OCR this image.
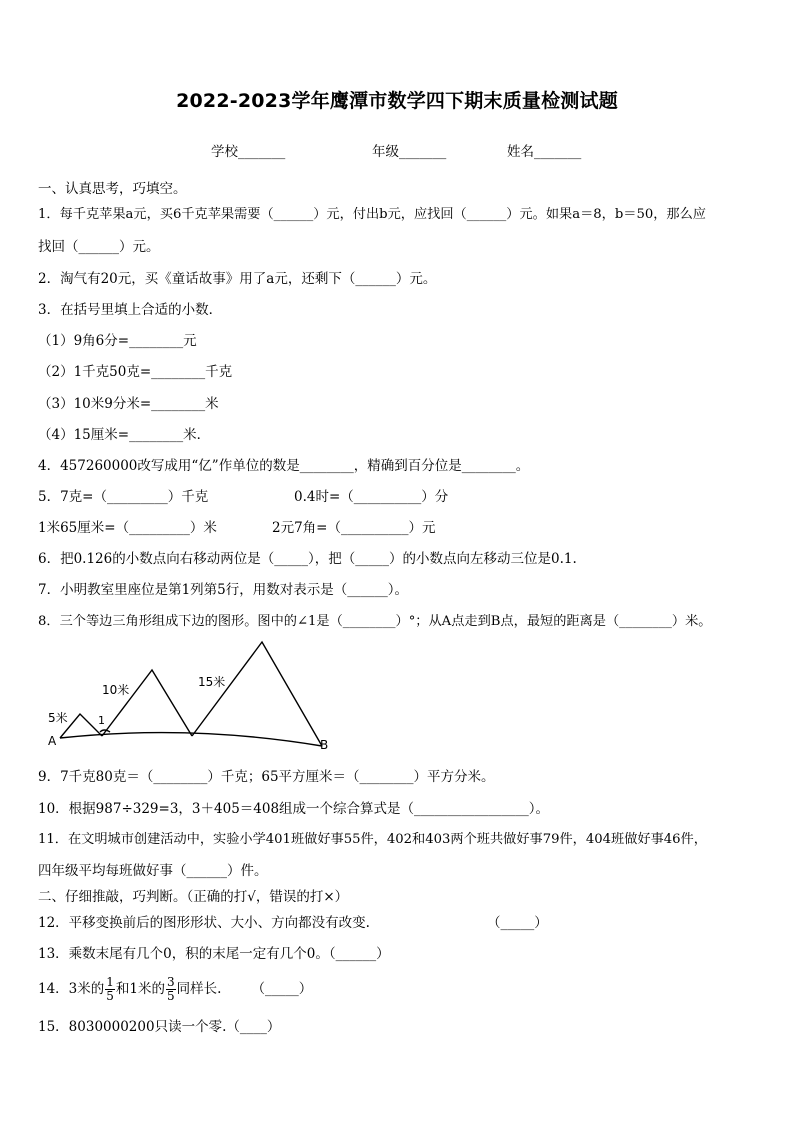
2022-2023学年鹰潭市数学四下期末质量检测试题
学校_______	年级_______	姓名_______
一、认真思考，巧填空。
1．每千克苹果a元，买6千克苹果需要（______）元，付出b元，应找回（______）元。如果a＝8，b＝50，那么应
找回（______）元。
2．淘气有20元，买《童话故事》用了a元，还剩下（______）元。
3．在括号里填上合适的小数．
（1）9角6分=________元
（2）1千克50克=________千克
（3）10米9分米=________米
（4）15厘米=________米．
4．457260000改写成用“亿”作单位的数是________，精确到百分位是________。
5．7克=（_________）千克	0.4时=（__________）分
1米65厘米=（_________）米	2元7角=（__________）元
6．把0.126的小数点向右移动两位是（_____），把（_____）的小数点向左移动三位是0.1.
7．小明教室里座位是第1列第5行，用数对表示是（______）。
8．三个等边三角形组成下边的图形。图中的∠1是（________）°；从A点走到B点，最短的距离是（________）米。
5米
10米
15米
1
A	B
9．7千克80克＝（________）千克；65平方厘米＝（________）平方分米。
10．根据987÷329=3，3＋405＝408组成一个综合算式是（_________________）。
11．在文明城市创建活动中，实验小学401班做好事55件，402和403两个班共做好事79件，404班做好事46件，
四年级平均每班做好事（______）件。
二、仔细推敲，巧判断。（正确的打√，错误的打×）
12．平移变换前后的图形形状、大小、方向都没有改变.	（_____）
13．乘数末尾有几个0，积的末尾一定有几个0。（______）
14．3米的 $\frac{1}{5}$ 和1米的 $\frac{3}{5}$ 同样长. （_____）
15．8030000200只读一个零.（____）
